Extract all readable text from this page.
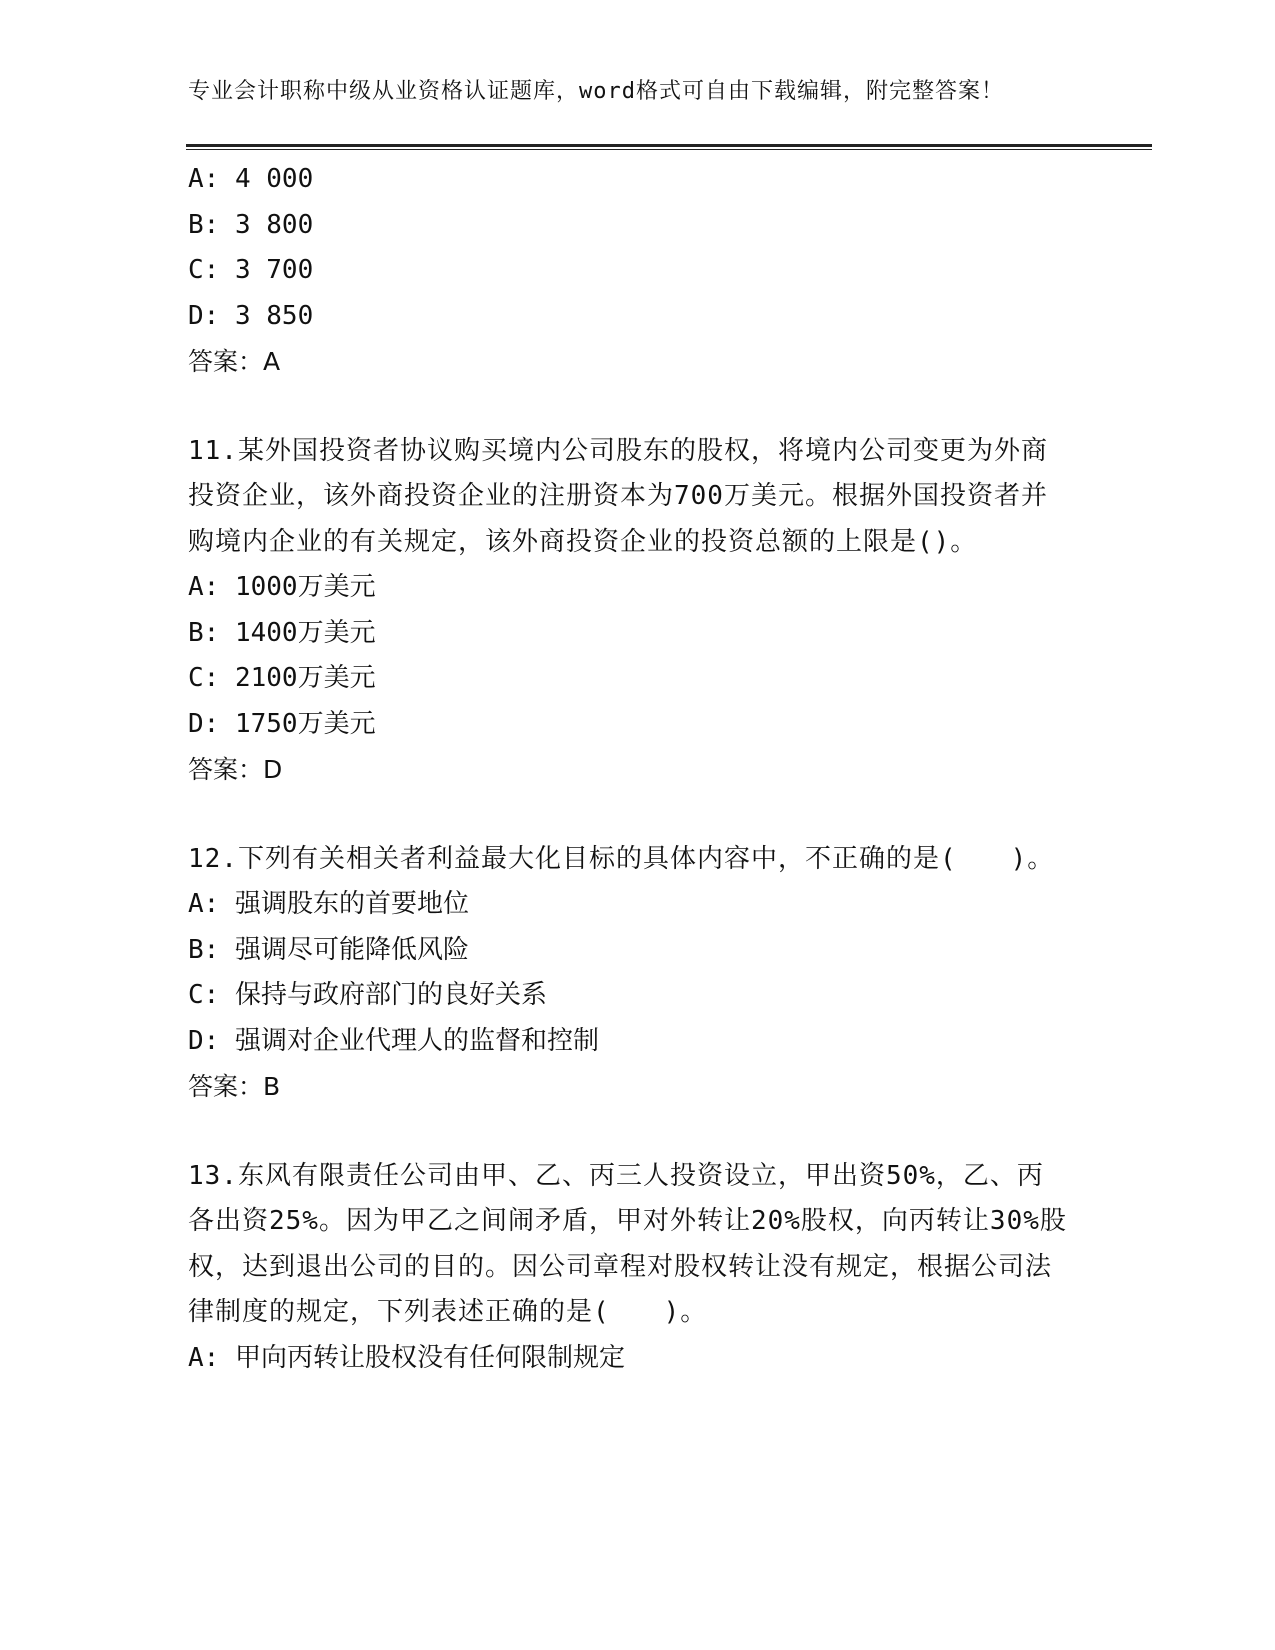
专业会计职称中级从业资格认证题库，word格式可自由下载编辑，附完整答案！
A: 4 000
B: 3 800
C: 3 700
D: 3 850
答案：A
11.某外国投资者协议购买境内公司股东的股权，将境内公司变更为外商投资企业，该外商投资企业的注册资本为700万美元。根据外国投资者并购境内企业的有关规定，该外商投资企业的投资总额的上限是()。
A: 1000万美元
B: 1400万美元
C: 2100万美元
D: 1750万美元
答案：D
12.下列有关相关者利益最大化目标的具体内容中，不正确的是(　　)。
A: 强调股东的首要地位
B: 强调尽可能降低风险
C: 保持与政府部门的良好关系
D: 强调对企业代理人的监督和控制
答案：B
13.东风有限责任公司由甲、乙、丙三人投资设立，甲出资50%，乙、丙各出资25%。因为甲乙之间闹矛盾，甲对外转让20%股权，向丙转让30%股权，达到退出公司的目的。因公司章程对股权转让没有规定，根据公司法律制度的规定，下列表述正确的是(　　)。
A: 甲向丙转让股权没有任何限制规定
